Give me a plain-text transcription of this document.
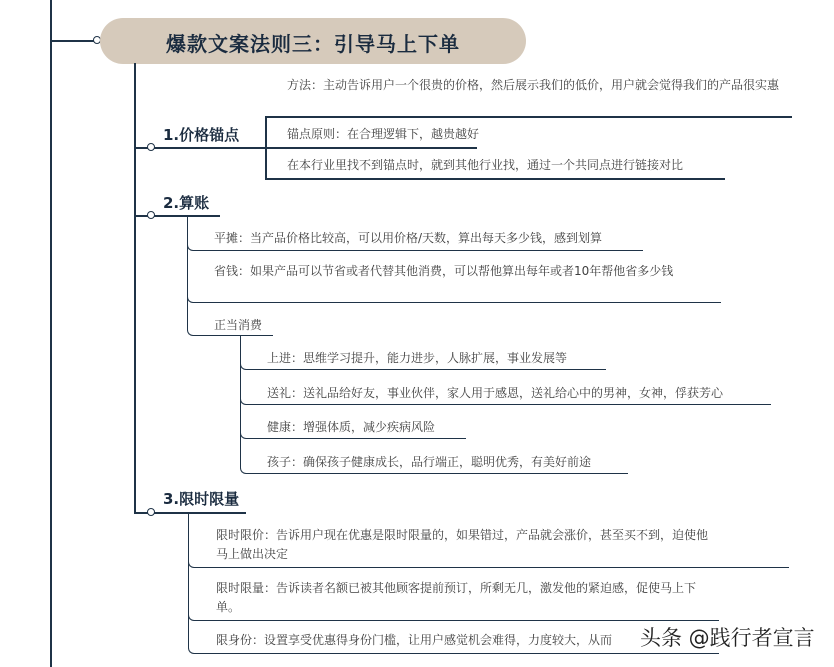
爆款文案法则三：引导马上下单
1.价格锚点
方法：主动告诉用户一个很贵的价格，然后展示我们的低价，用户就会觉得我们的产品很实惠
锚点原则：在合理逻辑下，越贵越好
在本行业里找不到锚点时，就到其他行业找，通过一个共同点进行链接对比
2.算账
平摊：当产品价格比较高，可以用价格/天数，算出每天多少钱，感到划算
省钱：如果产品可以节省或者代替其他消费，可以帮他算出每年或者10年帮他省多少钱
正当消费
上进：思维学习提升，能力进步，人脉扩展，事业发展等
送礼：送礼品给好友，事业伙伴，家人用于感恩，送礼给心中的男神，女神，俘获芳心
健康：增强体质，减少疾病风险
孩子：确保孩子健康成长，品行端正，聪明优秀，有美好前途
3.限时限量
限时限价：告诉用户现在优惠是限时限量的，如果错过，产品就会涨价，甚至买不到，迫使他马上做出决定
限时限量：告诉读者名额已被其他顾客提前预订，所剩无几，激发他的紧迫感，促使马上下单。
限身份：设置享受优惠得身份门槛，让用户感觉机会难得，力度较大，从而 头条 @践行者宣言
